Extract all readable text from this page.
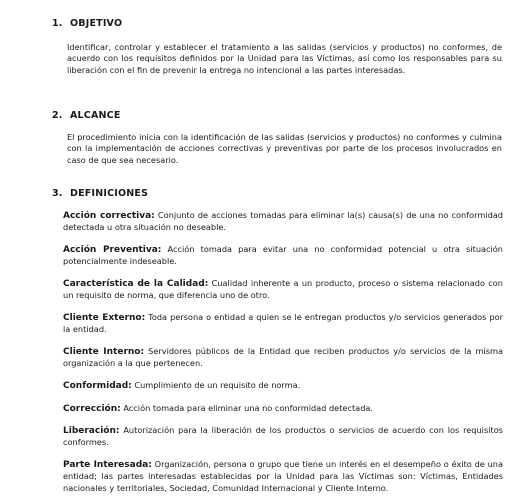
1. OBJETIVO
Identificar, controlar y establecer el tratamiento a las salidas (servicios y productos) no conformes, de acuerdo con los requisitos definidos por la Unidad para las Víctimas, así como los responsables para su liberación con el fin de prevenir la entrega no intencional a las partes interesadas.
2. ALCANCE
El procedimiento inicia con la identificación de las salidas (servicios y productos) no conformes y culmina con la implementación de acciones correctivas y preventivas por parte de los procesos involucrados en caso de que sea necesario.
3. DEFINICIONES
Acción correctiva: Conjunto de acciones tomadas para eliminar la(s) causa(s) de una no conformidad detectada u otra situación no deseable.
Acción Preventiva: Acción tomada para evitar una no conformidad potencial u otra situación potencialmente indeseable.
Característica de la Calidad: Cualidad inherente a un producto, proceso o sistema relacionado con un requisito de norma, que diferencia uno de otro.
Cliente Externo: Toda persona o entidad a quien se le entregan productos y/o servicios generados por la entidad.
Cliente Interno: Servidores públicos de la Entidad que reciben productos y/o servicios de la misma organización a la que pertenecen.
Conformidad: Cumplimiento de un requisito de norma.
Corrección: Acción tomada para eliminar una no conformidad detectada.
Liberación: Autorización para la liberación de los productos o servicios de acuerdo con los requisitos conformes.
Parte Interesada: Organización, persona o grupo que tiene un interés en el desempeño o éxito de una entidad; las partes interesadas establecidas por la Unidad para las Víctimas son: Víctimas, Entidades nacionales y territoriales, Sociedad, Comunidad Internacional y Cliente Interno.
